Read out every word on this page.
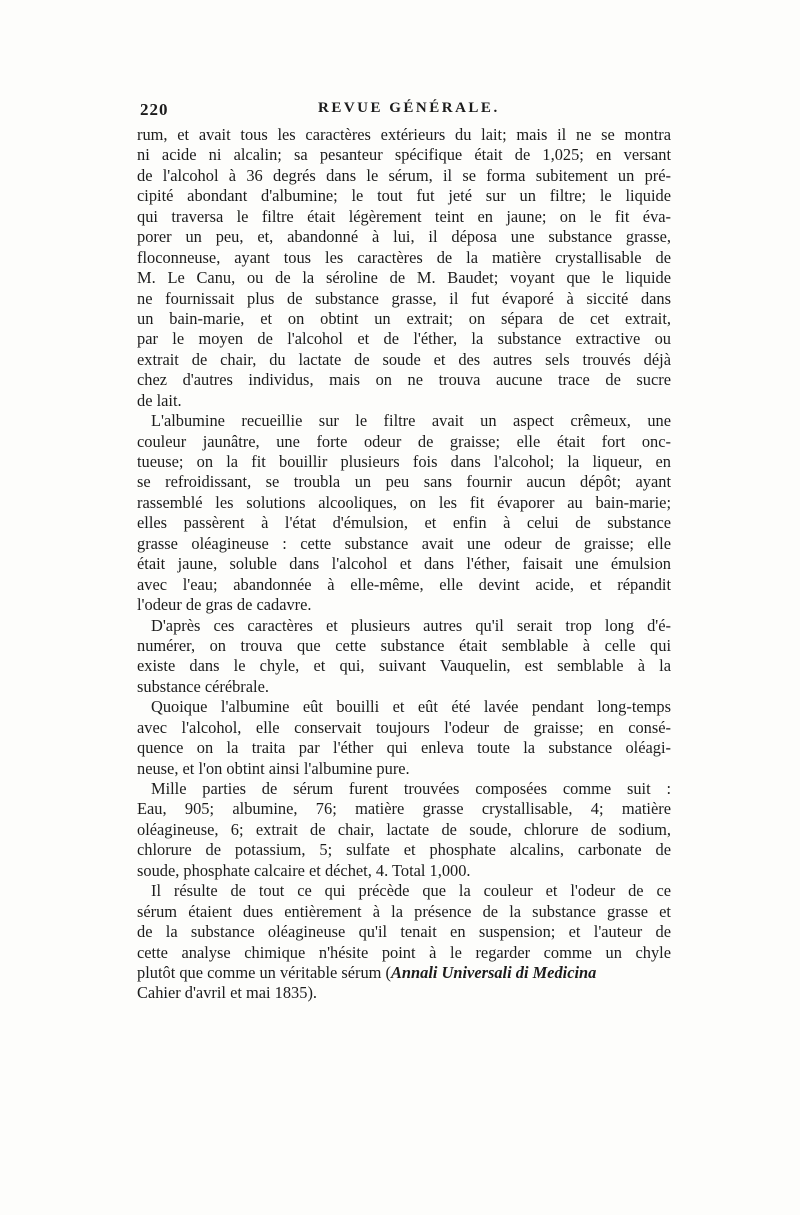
220	REVUE GÉNÉRALE.
rum, et avait tous les caractères extérieurs du lait; mais il ne se montra
ni acide ni alcalin; sa pesanteur spécifique était de 1,025; en versant
de l'alcohol à 36 degrés dans le sérum, il se forma subitement un pré-
cipité abondant d'albumine; le tout fut jeté sur un filtre; le liquide
qui traversa le filtre était légèrement teint en jaune; on le fit éva-
porer un peu, et, abandonné à lui, il déposa une substance grasse,
floconneuse, ayant tous les caractères de la matière crystallisable de
M. Le Canu, ou de la séroline de M. Baudet; voyant que le liquide
ne fournissait plus de substance grasse, il fut évaporé à siccité dans
un bain-marie, et on obtint un extrait; on sépara de cet extrait,
par le moyen de l'alcohol et de l'éther, la substance extractive ou
extrait de chair, du lactate de soude et des autres sels trouvés déjà
chez d'autres individus, mais on ne trouva aucune trace de sucre
de lait.
L'albumine recueillie sur le filtre avait un aspect crêmeux, une
couleur jaunâtre, une forte odeur de graisse; elle était fort onc-
tueuse; on la fit bouillir plusieurs fois dans l'alcohol; la liqueur, en
se refroidissant, se troubla un peu sans fournir aucun dépôt; ayant
rassemblé les solutions alcooliques, on les fit évaporer au bain-marie;
elles passèrent à l'état d'émulsion, et enfin à celui de substance
grasse oléagineuse : cette substance avait une odeur de graisse; elle
était jaune, soluble dans l'alcohol et dans l'éther, faisait une émulsion
avec l'eau; abandonnée à elle-même, elle devint acide, et répandit
l'odeur de gras de cadavre.
D'après ces caractères et plusieurs autres qu'il serait trop long d'é-
numérer, on trouva que cette substance était semblable à celle qui
existe dans le chyle, et qui, suivant Vauquelin, est semblable à la
substance cérébrale.
Quoique l'albumine eût bouilli et eût été lavée pendant long-temps
avec l'alcohol, elle conservait toujours l'odeur de graisse; en consé-
quence on la traita par l'éther qui enleva toute la substance oléagi-
neuse, et l'on obtint ainsi l'albumine pure.
Mille parties de sérum furent trouvées composées comme suit :
Eau, 905; albumine, 76; matière grasse crystallisable, 4; matière
oléagineuse, 6; extrait de chair, lactate de soude, chlorure de sodium,
chlorure de potassium, 5; sulfate et phosphate alcalins, carbonate de
soude, phosphate calcaire et déchet, 4. Total 1,000.
Il résulte de tout ce qui précède que la couleur et l'odeur de ce
sérum étaient dues entièrement à la présence de la substance grasse et
de la substance oléagineuse qu'il tenait en suspension; et l'auteur de
cette analyse chimique n'hésite point à le regarder comme un chyle
plutôt que comme un véritable sérum (Annali Universali di Medicina
Cahier d'avril et mai 1835).
